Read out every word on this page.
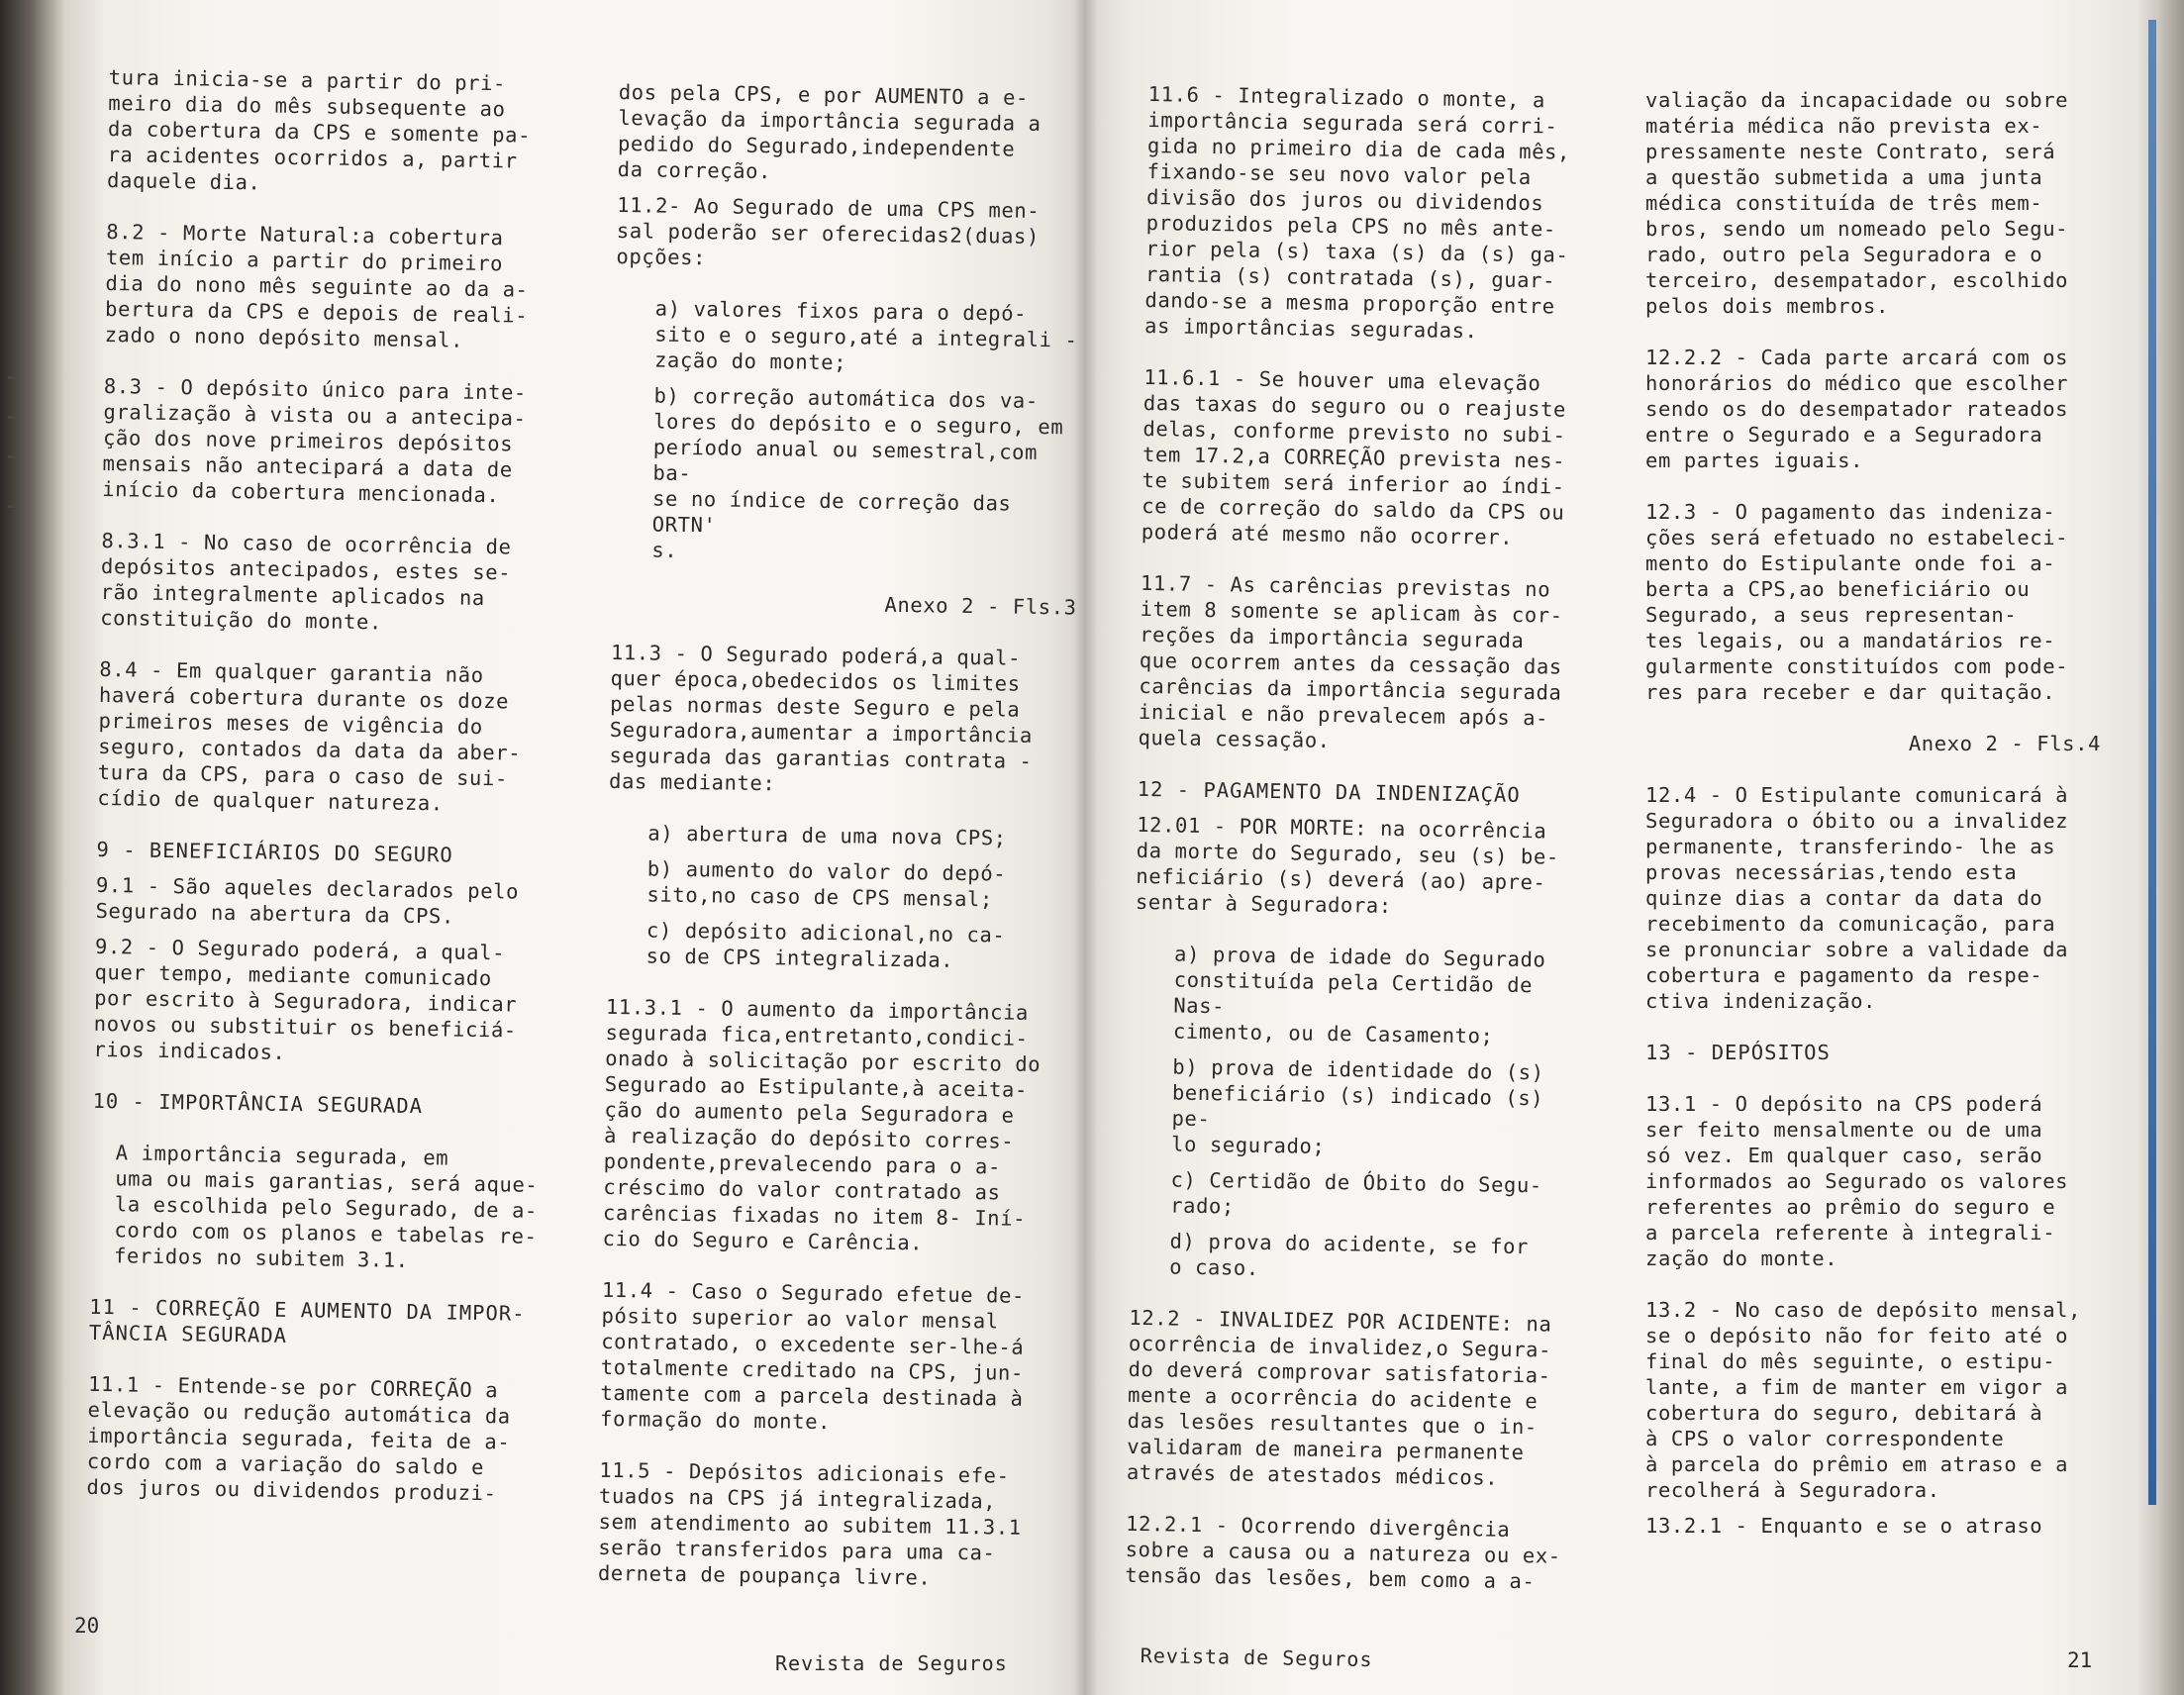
tura inicia-se a partir do pri-
meiro dia do mês subsequente ao
da cobertura da CPS e somente pa-
ra acidentes ocorridos a, partir
daquele dia.

8.2 - Morte Natural:a cobertura
tem início a partir do primeiro
dia do nono mês seguinte ao da a-
bertura da CPS e depois de reali-
zado o nono depósito mensal.

8.3 - O depósito único para inte-
gralização à vista ou a antecipa-
ção dos nove primeiros depósitos
mensais não antecipará a data de
início da cobertura mencionada.

8.3.1 - No caso de ocorrência de
depósitos antecipados, estes se-
rão integralmente aplicados na
constituição do monte.

8.4 - Em qualquer garantia não
haverá cobertura durante os doze
primeiros meses de vigência do
seguro, contados da data da aber-
tura da CPS, para o caso de sui-
cídio de qualquer natureza.

9 - BENEFICIÁRIOS DO SEGURO

9.1 - São aqueles declarados pelo
Segurado na abertura da CPS.

9.2 - O Segurado poderá, a qual-
quer tempo, mediante comunicado
por escrito à Seguradora, indicar
novos ou substituir os beneficiá-
rios indicados.

10 - IMPORTÂNCIA SEGURADA

A importância segurada, em
uma ou mais garantias, será aque-
la escolhida pelo Segurado, de a-
cordo com os planos e tabelas re-
feridos no subitem 3.1.

11 - CORREÇÃO E AUMENTO DA IMPOR-
TÂNCIA SEGURADA

11.1 - Entende-se por CORREÇÃO a
elevação ou redução automática da
importância segurada, feita de a-
cordo com a variação do saldo e
dos juros ou dividendos produzi-

dos pela CPS, e por AUMENTO a e-
levação da importância segurada a
pedido do Segurado,independente
da correção.

11.2- Ao Segurado de uma CPS men-
sal poderão ser oferecidas2(duas)
opções:

a) valores fixos para o depó-
sito e o seguro,até a integrali -
zação do monte;

b) correção automática dos va-
lores do depósito e o seguro, em
período anual ou semestral,com ba-
se no índice de correção das ORTN'
s.

Anexo 2 - Fls.3

11.3 - O Segurado poderá,a qual-
quer época,obedecidos os limites
pelas normas deste Seguro e pela
Seguradora,aumentar a importância
segurada das garantias contrata -
das mediante:

a) abertura de uma nova CPS;

b) aumento do valor do depó-
sito,no caso de CPS mensal;

c) depósito adicional,no ca-
so de CPS integralizada.

11.3.1 - O aumento da importância
segurada fica,entretanto,condici-
onado à solicitação por escrito do
Segurado ao Estipulante,à aceita-
ção do aumento pela Seguradora e
à realização do depósito corres-
pondente,prevalecendo para o a-
créscimo do valor contratado as
carências fixadas no item 8- Iní-
cio do Seguro e Carência.

11.4 - Caso o Segurado efetue de-
pósito superior ao valor mensal
contratado, o excedente ser-lhe-á
totalmente creditado na CPS, jun-
tamente com a parcela destinada à
formação do monte.

11.5 - Depósitos adicionais efe-
tuados na CPS já integralizada,
sem atendimento ao subitem 11.3.1
serão transferidos para uma ca-
derneta de poupança livre.

11.6 - Integralizado o monte, a
importância segurada será corri-
gida no primeiro dia de cada mês,
fixando-se seu novo valor pela
divisão dos juros ou dividendos
produzidos pela CPS no mês ante-
rior pela (s) taxa (s) da (s) ga-
rantia (s) contratada (s), guar-
dando-se a mesma proporção entre
as importâncias seguradas.

11.6.1 - Se houver uma elevação
das taxas do seguro ou o reajuste
delas, conforme previsto no subi-
tem 17.2,a CORREÇÃO prevista nes-
te subitem será inferior ao índi-
ce de correção do saldo da CPS ou
poderá até mesmo não ocorrer.

11.7 - As carências previstas no
item 8 somente se aplicam às cor-
reções da importância segurada
que ocorrem antes da cessação das
carências da importância segurada
inicial e não prevalecem após a-
quela cessação.

12 - PAGAMENTO DA INDENIZAÇÃO

12.01 - POR MORTE: na ocorrência
da morte do Segurado, seu (s) be-
neficiário (s) deverá (ao) apre-
sentar à Seguradora:

a) prova de idade do Segurado
constituída pela Certidão de Nas-
cimento, ou de Casamento;

b) prova de identidade do (s)
beneficiário (s) indicado (s) pe-
lo segurado;

c) Certidão de Óbito do Segu-
rado;

d) prova do acidente, se for
o caso.

12.2 - INVALIDEZ POR ACIDENTE: na
ocorrência de invalidez,o Segura-
do deverá comprovar satisfatoria-
mente a ocorrência do acidente e
das lesões resultantes que o in-
validaram de maneira permanente
através de atestados médicos.

12.2.1 - Ocorrendo divergência
sobre a causa ou a natureza ou ex-
tensão das lesões, bem como a a-

valiação da incapacidade ou sobre
matéria médica não prevista ex-
pressamente neste Contrato, será
a questão submetida a uma junta
médica constituída de três mem-
bros, sendo um nomeado pelo Segu-
rado, outro pela Seguradora e o
terceiro, desempatador, escolhido
pelos dois membros.

12.2.2 - Cada parte arcará com os
honorários do médico que escolher
sendo os do desempatador rateados
entre o Segurado e a Seguradora
em partes iguais.

12.3 - O pagamento das indeniza-
ções será efetuado no estabeleci-
mento do Estipulante onde foi a-
berta a CPS,ao beneficiário ou
Segurado, a seus representan-
tes legais, ou a mandatários re-
gularmente constituídos com pode-
res para receber e dar quitação.

Anexo 2 - Fls.4

12.4 - O Estipulante comunicará à
Seguradora o óbito ou a invalidez
permanente, transferindo- lhe as
provas necessárias,tendo esta
quinze dias a contar da data do
recebimento da comunicação, para
se pronunciar sobre a validade da
cobertura e pagamento da respe-
ctiva indenização.

13 - DEPÓSITOS

13.1 - O depósito na CPS poderá
ser feito mensalmente ou de uma
só vez. Em qualquer caso, serão
informados ao Segurado os valores
referentes ao prêmio do seguro e
a parcela referente à integrali-
zação do monte.

13.2 - No caso de depósito mensal,
se o depósito não for feito até o
final do mês seguinte, o estipu-
lante, a fim de manter em vigor a
cobertura do seguro, debitará à
à CPS o valor correspondente
à parcela do prêmio em atraso e a
recolherá à Seguradora.

13.2.1 - Enquanto e se o atraso

20
21
Revista de Seguros	Revista de Seguros
